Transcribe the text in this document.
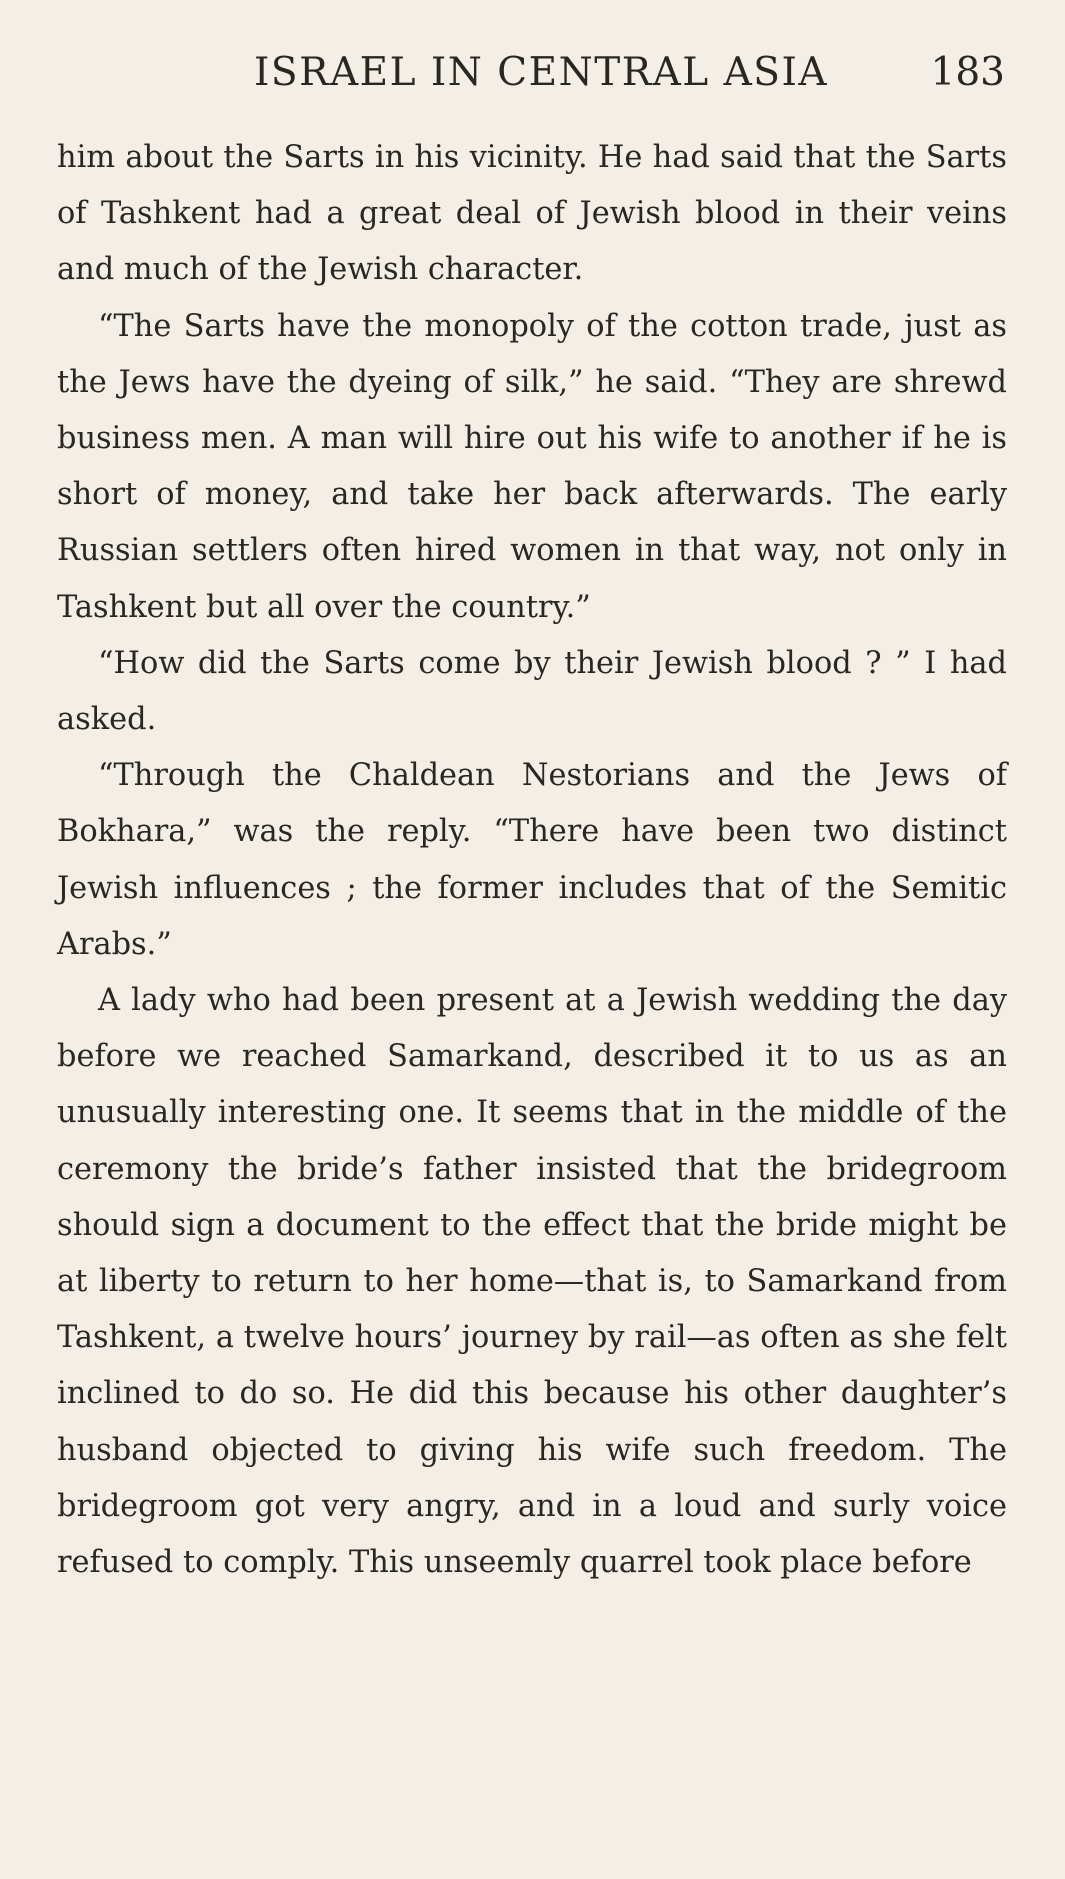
ISRAEL IN CENTRAL ASIA	183

him about the Sarts in his vicinity. He had said that the Sarts of Tashkent had a great deal of Jewish blood in their veins and much of the Jewish character.

“The Sarts have the monopoly of the cotton trade, just as the Jews have the dyeing of silk,” he said. “They are shrewd business men. A man will hire out his wife to another if he is short of money, and take her back afterwards. The early Russian settlers often hired women in that way, not only in Tashkent but all over the country.”

“How did the Sarts come by their Jewish blood ? ” I had asked.

“Through the Chaldean Nestorians and the Jews of Bokhara,” was the reply. “There have been two distinct Jewish influences ; the former includes that of the Semitic Arabs.”

A lady who had been present at a Jewish wedding the day before we reached Samarkand, described it to us as an unusually interesting one. It seems that in the middle of the ceremony the bride’s father insisted that the bridegroom should sign a document to the effect that the bride might be at liberty to return to her home—that is, to Samarkand from Tashkent, a twelve hours’ journey by rail—as often as she felt inclined to do so. He did this because his other daughter’s husband objected to giving his wife such freedom. The bridegroom got very angry, and in a loud and surly voice refused to comply. This unseemly quarrel took place before
